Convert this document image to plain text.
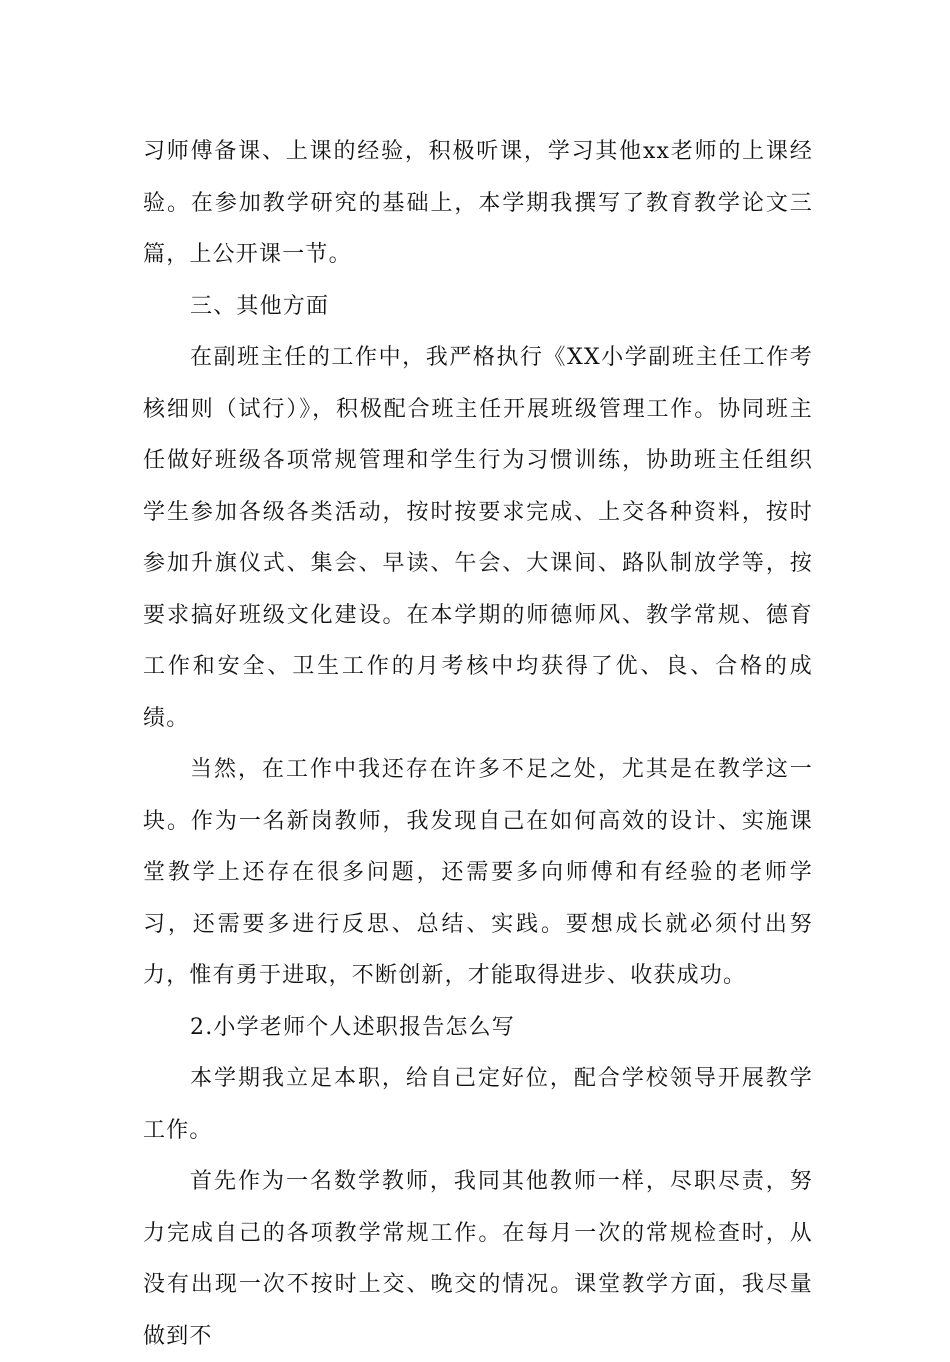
习师傅备课、上课的经验，积极听课，学习其他xx老师的上课经验。在参加教学研究的基础上，本学期我撰写了教育教学论文三篇，上公开课一节。

三、其他方面

在副班主任的工作中，我严格执行《XX小学副班主任工作考核细则（试行）》，积极配合班主任开展班级管理工作。协同班主任做好班级各项常规管理和学生行为习惯训练，协助班主任组织学生参加各级各类活动，按时按要求完成、上交各种资料，按时参加升旗仪式、集会、早读、午会、大课间、路队制放学等，按要求搞好班级文化建设。在本学期的师德师风、教学常规、德育工作和安全、卫生工作的月考核中均获得了优、良、合格的成绩。

当然，在工作中我还存在许多不足之处，尤其是在教学这一块。作为一名新岗教师，我发现自己在如何高效的设计、实施课堂教学上还存在很多问题，还需要多向师傅和有经验的老师学习，还需要多进行反思、总结、实践。要想成长就必须付出努力，惟有勇于进取，不断创新，才能取得进步、收获成功。

2.小学老师个人述职报告怎么写

本学期我立足本职，给自己定好位，配合学校领导开展教学工作。

首先作为一名数学教师，我同其他教师一样，尽职尽责，努力完成自己的各项教学常规工作。在每月一次的常规检查时，从没有出现一次不按时上交、晚交的情况。课堂教学方面，我尽量做到不
